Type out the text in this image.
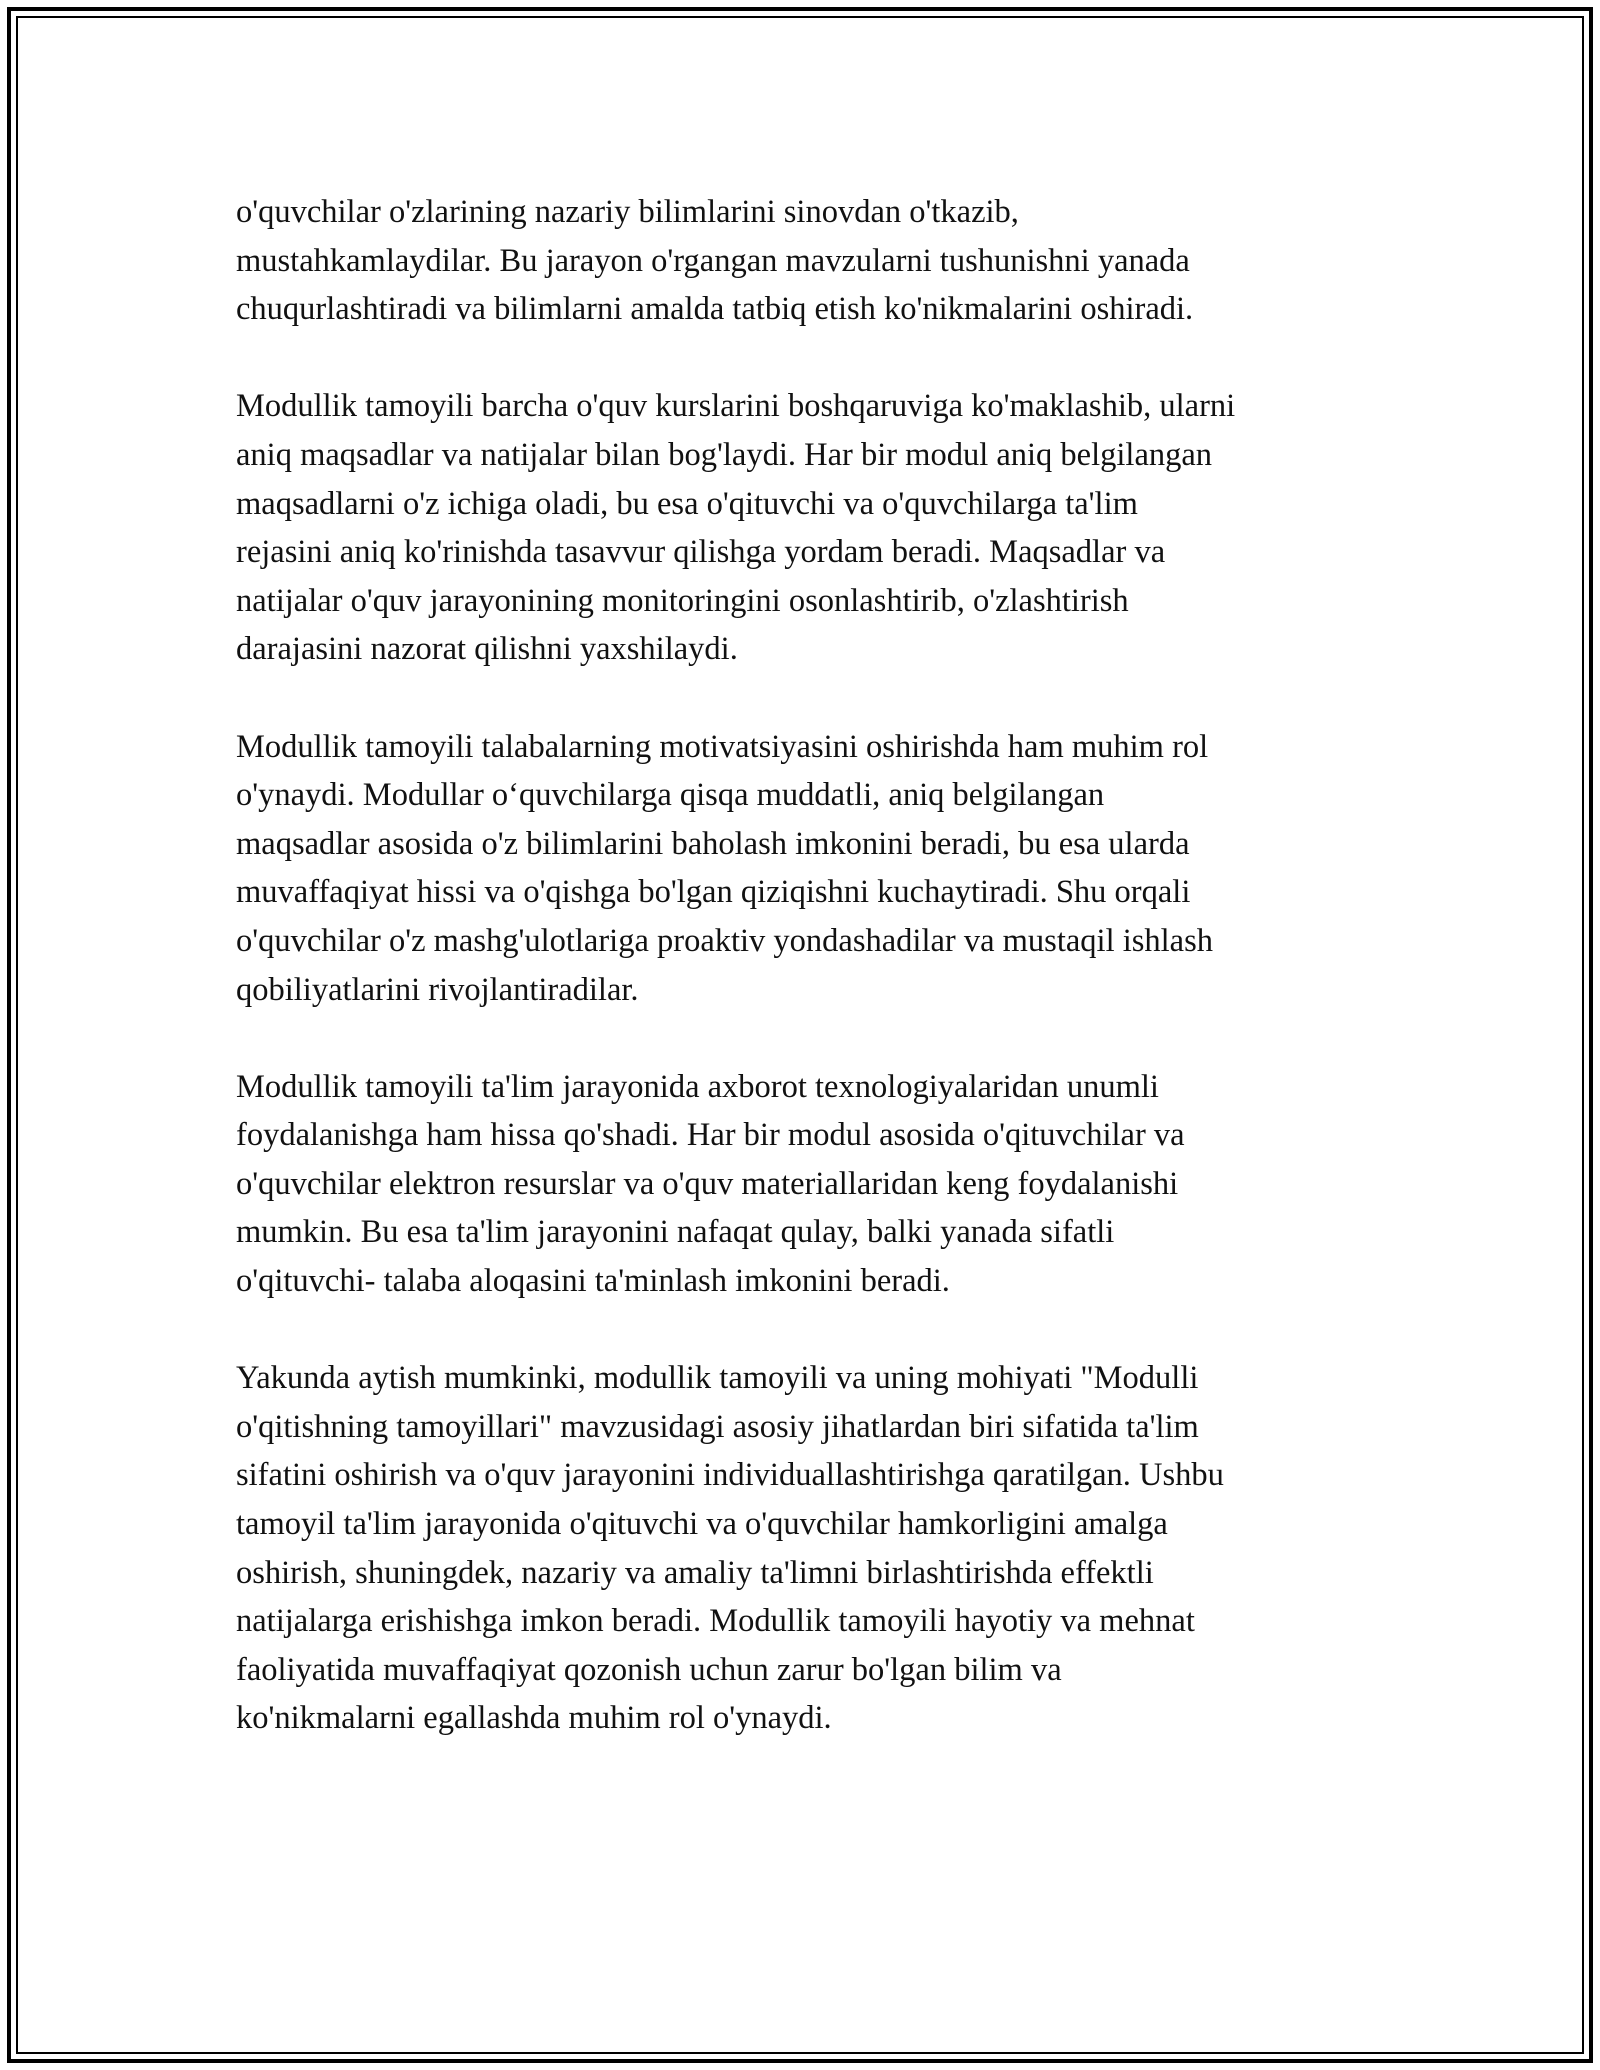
o'quvchilar o'zlarining nazariy bilimlarini sinovdan o'tkazib,
mustahkamlaydilar. Bu jarayon o'rgangan mavzularni tushunishni yanada
chuqurlashtiradi va bilimlarni amalda tatbiq etish ko'nikmalarini oshiradi.

Modullik tamoyili barcha o'quv kurslarini boshqaruviga ko'maklashib, ularni
aniq maqsadlar va natijalar bilan bog'laydi. Har bir modul aniq belgilangan
maqsadlarni o'z ichiga oladi, bu esa o'qituvchi va o'quvchilarga ta'lim
rejasini aniq ko'rinishda tasavvur qilishga yordam beradi. Maqsadlar va
natijalar o'quv jarayonining monitoringini osonlashtirib, o'zlashtirish
darajasini nazorat qilishni yaxshilaydi.

Modullik tamoyili talabalarning motivatsiyasini oshirishda ham muhim rol
o'ynaydi. Modullar o‘quvchilarga qisqa muddatli, aniq belgilangan
maqsadlar asosida o'z bilimlarini baholash imkonini beradi, bu esa ularda
muvaffaqiyat hissi va o'qishga bo'lgan qiziqishni kuchaytiradi. Shu orqali
o'quvchilar o'z mashg'ulotlariga proaktiv yondashadilar va mustaqil ishlash
qobiliyatlarini rivojlantiradilar.

Modullik tamoyili ta'lim jarayonida axborot texnologiyalaridan unumli
foydalanishga ham hissa qo'shadi. Har bir modul asosida o'qituvchilar va
o'quvchilar elektron resurslar va o'quv materiallaridan keng foydalanishi
mumkin. Bu esa ta'lim jarayonini nafaqat qulay, balki yanada sifatli
o'qituvchi- talaba aloqasini ta'minlash imkonini beradi.

Yakunda aytish mumkinki, modullik tamoyili va uning mohiyati "Modulli
o'qitishning tamoyillari" mavzusidagi asosiy jihatlardan biri sifatida ta'lim
sifatini oshirish va o'quv jarayonini individuallashtirishga qaratilgan. Ushbu
tamoyil ta'lim jarayonida o'qituvchi va o'quvchilar hamkorligini amalga
oshirish, shuningdek, nazariy va amaliy ta'limni birlashtirishda effektli
natijalarga erishishga imkon beradi. Modullik tamoyili hayotiy va mehnat
faoliyatida muvaffaqiyat qozonish uchun zarur bo'lgan bilim va
ko'nikmalarni egallashda muhim rol o'ynaydi.
